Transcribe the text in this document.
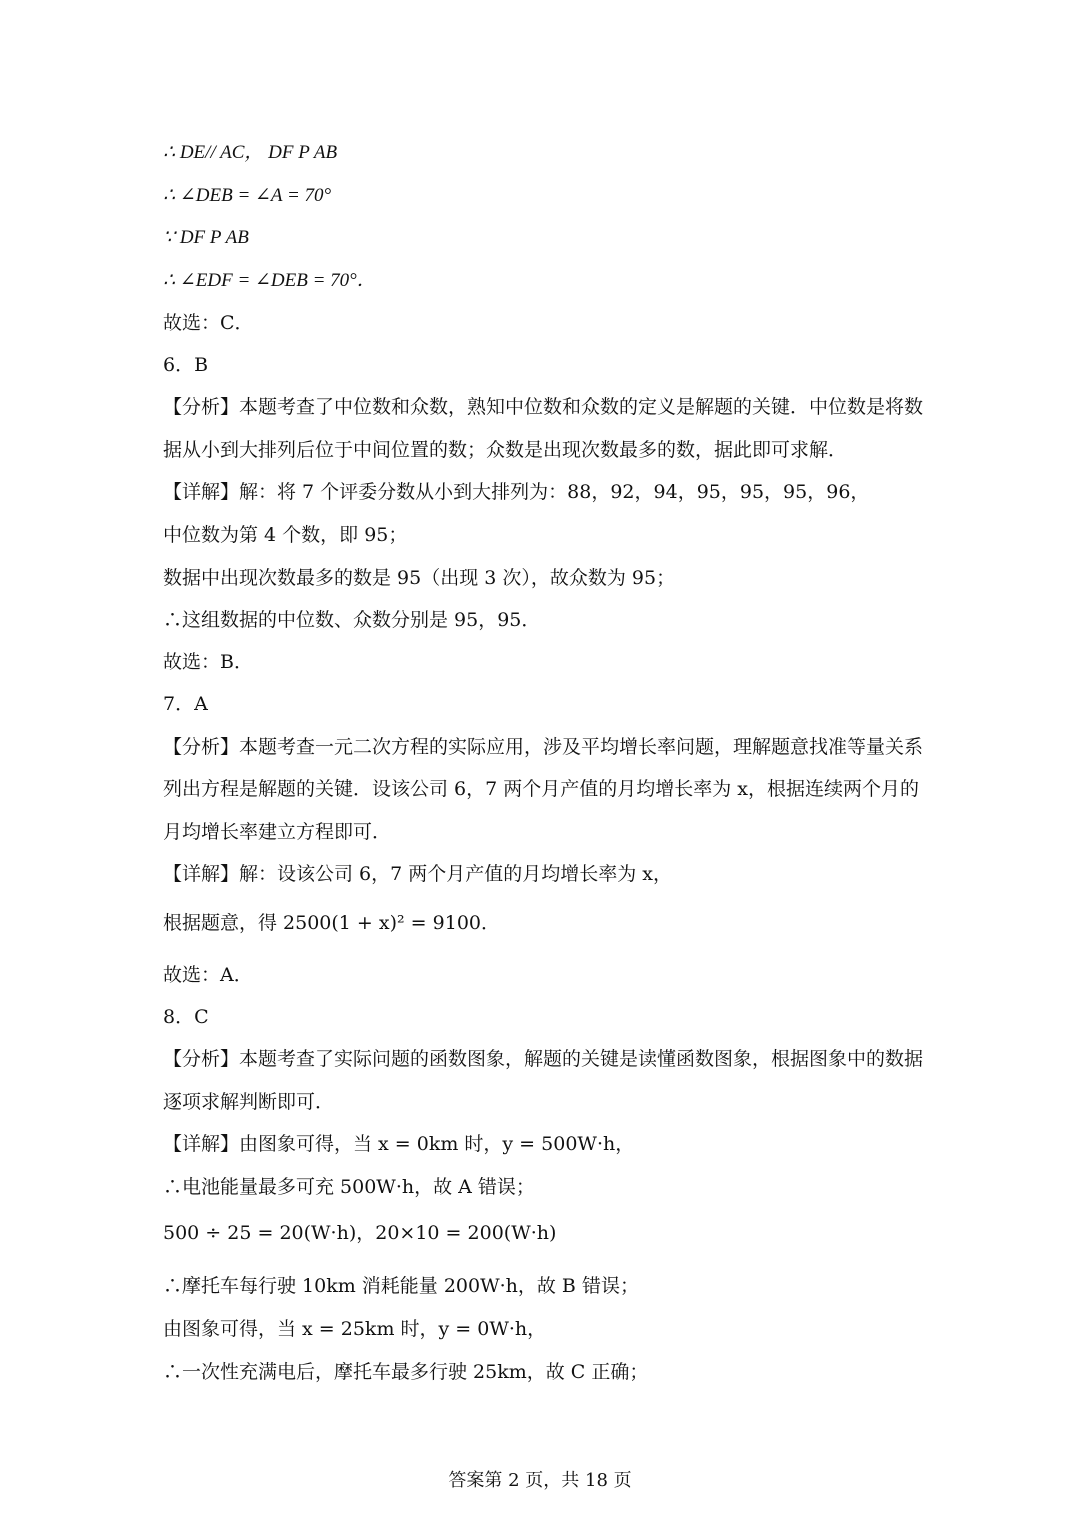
∴ DE// AC， DF P AB
∴ ∠DEB = ∠A = 70°
∵ DF P AB
∴ ∠EDF = ∠DEB = 70°．
故选：C．
6．B
【分析】本题考查了中位数和众数，熟知中位数和众数的定义是解题的关键．中位数是将数
据从小到大排列后位于中间位置的数；众数是出现次数最多的数，据此即可求解．
【详解】解：将 7 个评委分数从小到大排列为：88，92，94，95，95，95，96，
中位数为第 4 个数，即 95；
数据中出现次数最多的数是 95（出现 3 次），故众数为 95；
∴这组数据的中位数、众数分别是 95，95．
故选：B．
7．A
【分析】本题考查一元二次方程的实际应用，涉及平均增长率问题，理解题意找准等量关系
列出方程是解题的关键．设该公司 6，7 两个月产值的月均增长率为 x，根据连续两个月的
月均增长率建立方程即可．
【详解】解：设该公司 6，7 两个月产值的月均增长率为 x，
根据题意，得 2500(1 + x)² = 9100．
故选：A．
8．C
【分析】本题考查了实际问题的函数图象，解题的关键是读懂函数图象，根据图象中的数据
逐项求解判断即可．
【详解】由图象可得，当 x = 0km 时，y = 500W·h，
∴电池能量最多可充 500W·h，故 A 错误；
500 ÷ 25 = 20(W·h)，20×10 = 200(W·h)
∴摩托车每行驶 10km 消耗能量 200W·h，故 B 错误；
由图象可得，当 x = 25km 时，y = 0W·h，
∴一次性充满电后，摩托车最多行驶 25km，故 C 正确；
答案第 2 页，共 18 页
